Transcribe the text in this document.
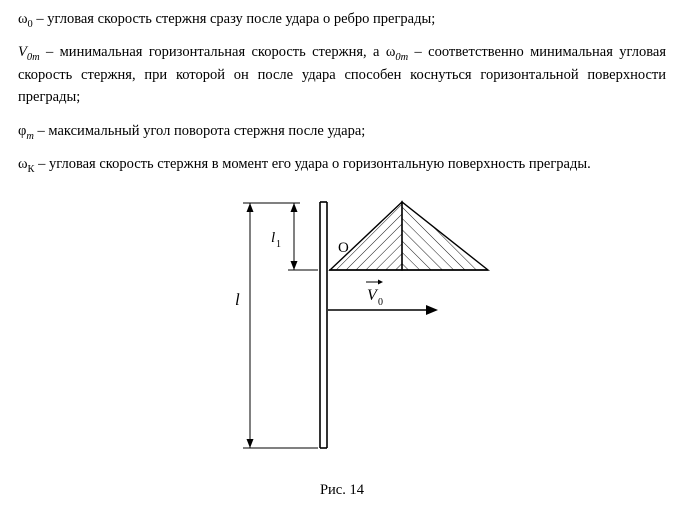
$\omega_0$ – угловая скорость стержня сразу после удара о ребро преграды;

$V_{0m}$ – минимальная горизонтальная скорость стержня, а $\omega_{0m}$ – соответственно минимальная угловая скорость стержня, при которой он после удара способен коснуться горизонтальной поверхности преграды;

$\varphi_m$ – максимальный угол поворота стержня после удара;

$\omega_К$ – угловая скорость стержня в момент его удара о горизонтальную поверхность преграды.

l
l 1	O
V 0
Рис. 14
